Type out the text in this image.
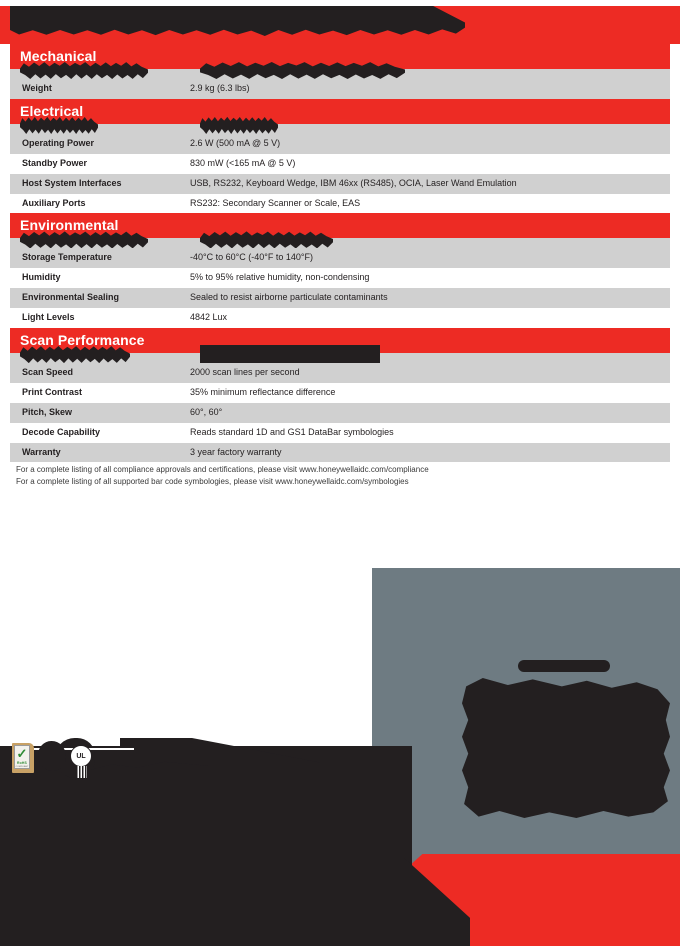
Mechanical
Weight	2.9 kg (6.3 lbs)
Electrical
Operating Power	2.6 W (500 mA @ 5 V)
Standby Power	830 mW (<165 mA @ 5 V)
Host System Interfaces	USB, RS232, Keyboard Wedge, IBM 46xx (RS485), OCIA, Laser Wand Emulation
Auxiliary Ports	RS232: Secondary Scanner or Scale, EAS
Environmental
Storage Temperature	-40°C to 60°C (-40°F to 140°F)
Humidity	5% to 95% relative humidity, non-condensing
Environmental Sealing	Sealed to resist airborne particulate contaminants
Light Levels	4842 Lux
Scan Performance
Scan Speed	2000 scan lines per second
Print Contrast	35% minimum reflectance difference
Pitch, Skew	60°, 60°
Decode Capability	Reads standard 1D and GS1 DataBar symbologies
Warranty	3 year factory warranty
For a complete listing of all compliance approvals and certifications, please visit www.honeywellaidc.com/compliance
For a complete listing of all supported bar code symbologies, please visit www.honeywellaidc.com/symbologies
✓
RoHS
COMPLIANT
UL
